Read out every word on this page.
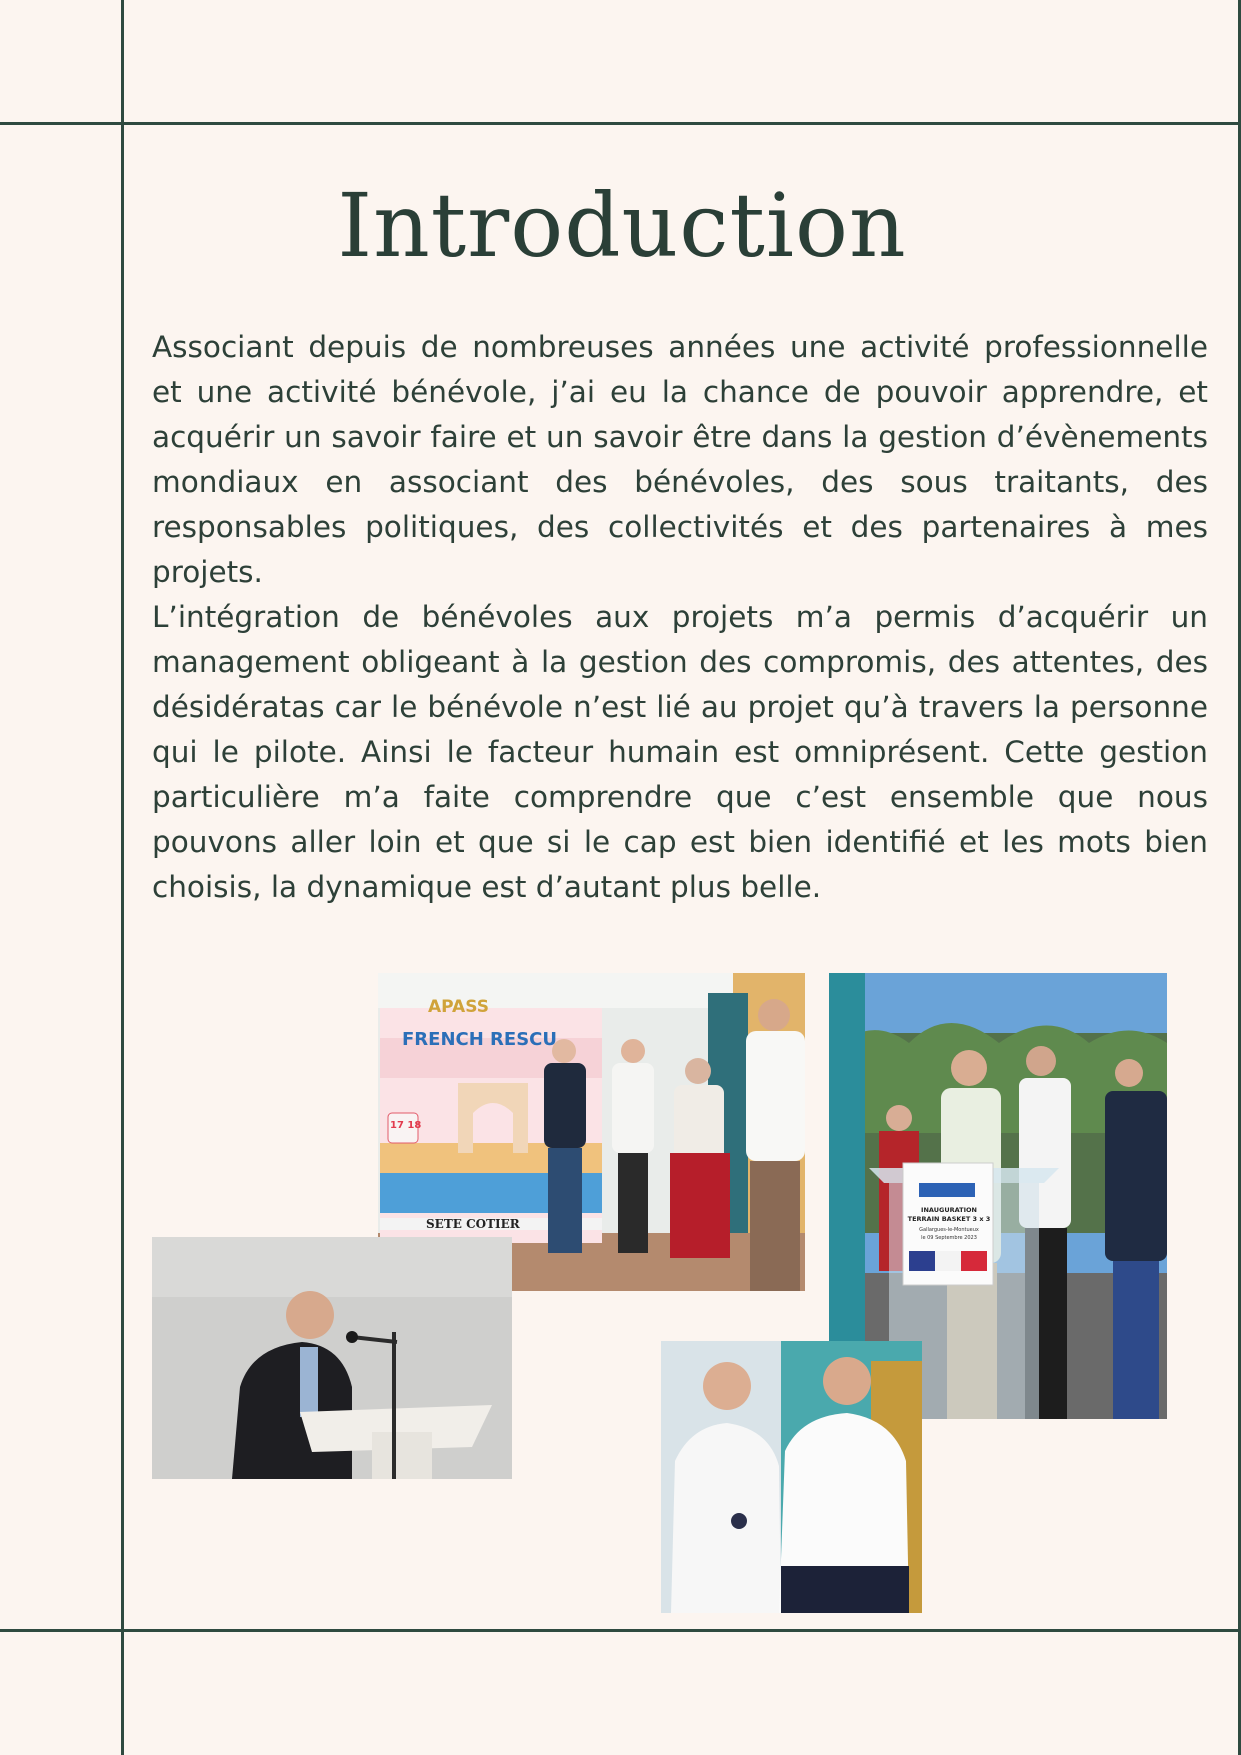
Introduction

Associant depuis de nombreuses années une activité professionnelle et une activité bénévole, j’ai eu la chance de pouvoir apprendre, et acquérir un savoir faire et un savoir être dans la gestion d’évènements mondiaux en associant des bénévoles, des sous traitants, des responsables politiques, des collectivités et des partenaires à mes projets.

L’intégration de bénévoles aux projets m’a permis d’acquérir un management obligeant à la gestion des compromis, des attentes, des désidératas car le bénévole n’est lié au projet qu’à travers la personne qui le pilote. Ainsi le facteur humain est omniprésent. Cette gestion particulière m’a faite comprendre que c’est ensemble que nous pouvons aller loin et que si le cap est bien identifié et les mots bien choisis, la dynamique est d’autant plus belle.

APASS
FRENCH RESCU
17 18
SETE COTIER
INAUGURATION TERRAIN BASKET 3 x 3
Gallargues-le-Montueux
le 09 Septembre 2023
